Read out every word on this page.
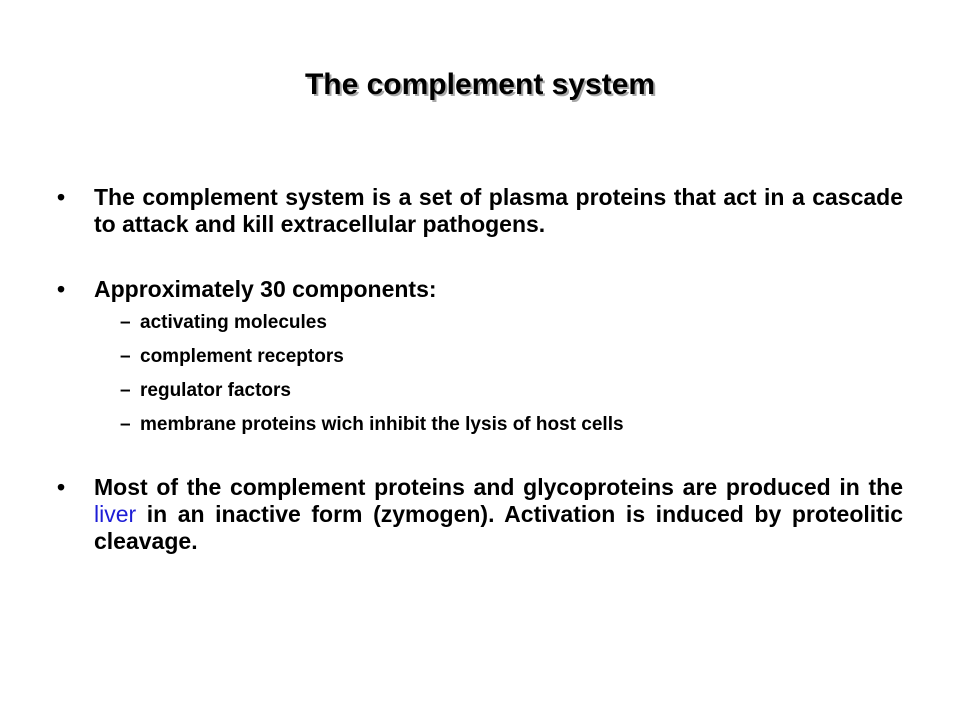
The complement system
•	The complement system is a set of plasma proteins that act in a cascade to attack and kill extracellular pathogens.
•	Approximately 30 components:
– activating molecules
– complement receptors
– regulator factors
– membrane proteins wich inhibit the lysis of host cells
•	Most of the complement proteins and glycoproteins are produced in the liver in an inactive form (zymogen). Activation is induced by proteolitic cleavage.
